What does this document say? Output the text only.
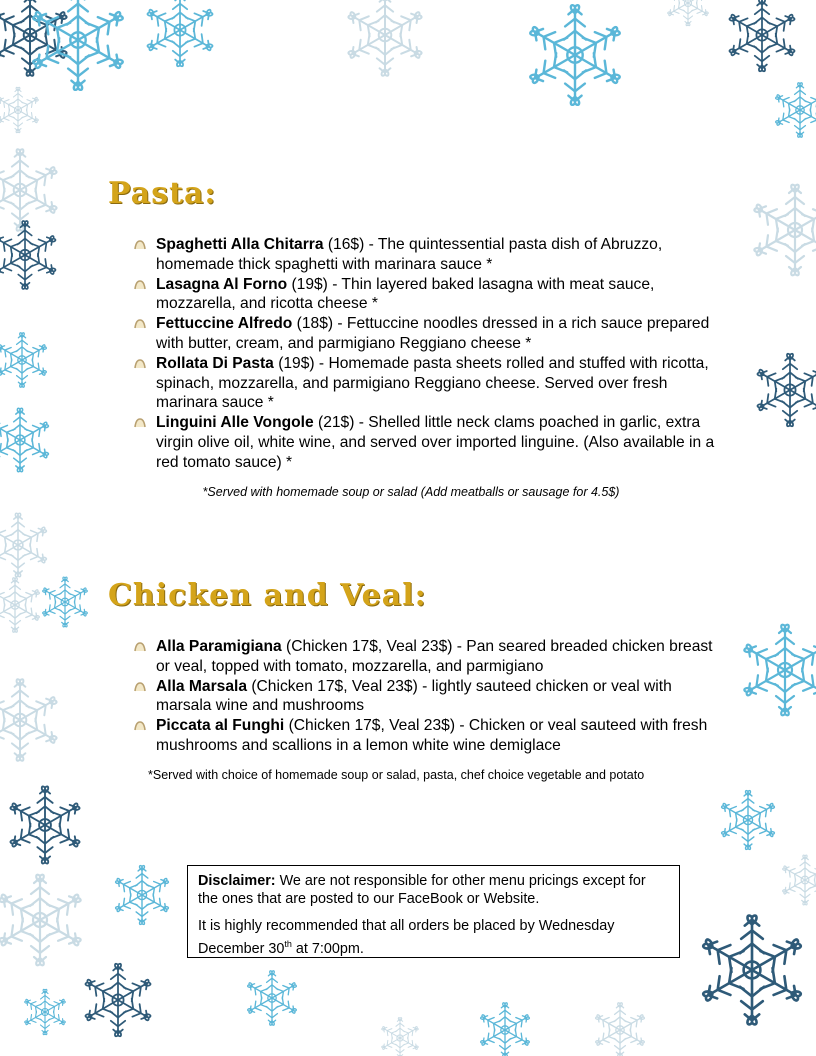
Pasta:
Spaghetti Alla Chitarra (16$) - The quintessential pasta dish of Abruzzo, homemade thick spaghetti with marinara sauce *
Lasagna Al Forno (19$) - Thin layered baked lasagna with meat sauce, mozzarella, and ricotta cheese *
Fettuccine Alfredo (18$) - Fettuccine noodles dressed in a rich sauce prepared with butter, cream, and parmigiano Reggiano cheese *
Rollata Di Pasta (19$) - Homemade pasta sheets rolled and stuffed with ricotta, spinach, mozzarella, and parmigiano Reggiano cheese. Served over fresh marinara sauce *
Linguini Alle Vongole (21$) - Shelled little neck clams poached in garlic, extra virgin olive oil, white wine, and served over imported linguine. (Also available in a red tomato sauce) *
*Served with homemade soup or salad (Add meatballs or sausage for 4.5$)
Chicken and Veal:
Alla Paramigiana (Chicken 17$, Veal 23$) - Pan seared breaded chicken breast or veal, topped with tomato, mozzarella, and parmigiano
Alla Marsala (Chicken 17$, Veal 23$) - lightly sauteed chicken or veal with marsala wine and mushrooms
Piccata al Funghi (Chicken 17$, Veal 23$) - Chicken or veal sauteed with fresh mushrooms and scallions in a lemon white wine demiglace
*Served with choice of homemade soup or salad, pasta, chef choice vegetable and potato

Disclaimer: We are not responsible for other menu pricings except for the ones that are posted to our FaceBook or Website.

It is highly recommended that all orders be placed by Wednesday December 30th at 7:00pm.
